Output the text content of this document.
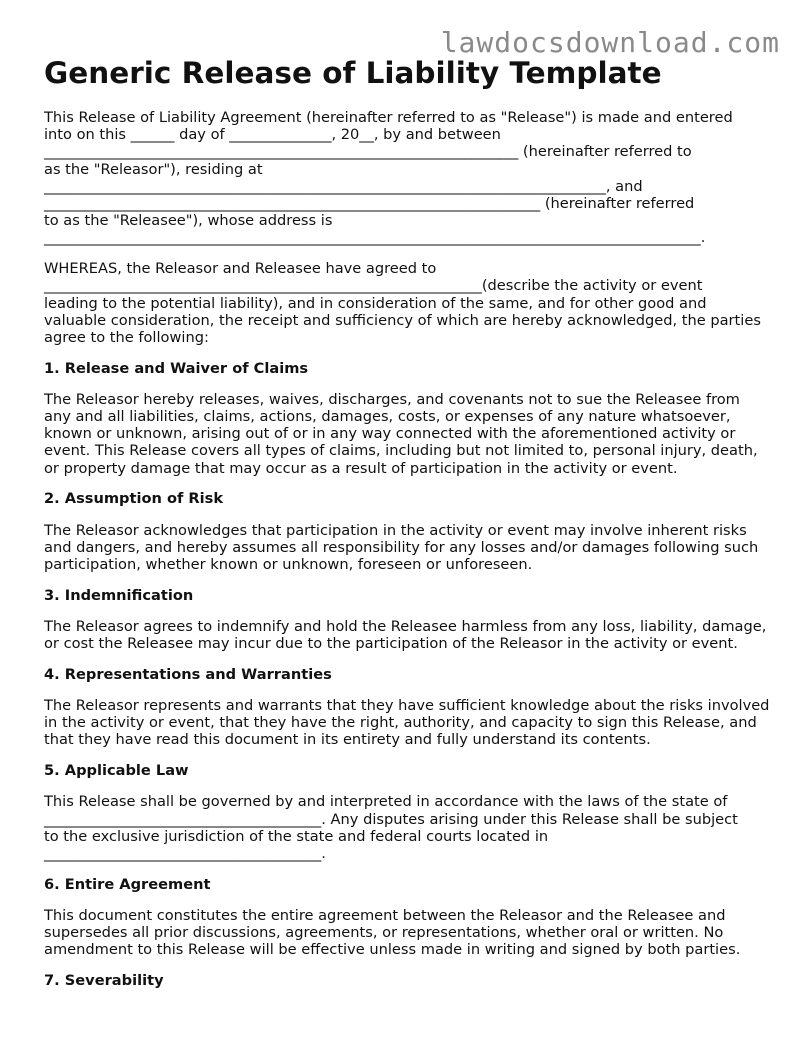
lawdocsdownload.com
Generic Release of Liability Template

This Release of Liability Agreement (hereinafter referred to as "Release") is made and entered
into on this ______ day of ______________, 20__, by and between
_________________________________________________________________ (hereinafter referred to
as the "Releasor"), residing at
_____________________________________________________________________________, and
____________________________________________________________________ (hereinafter referred
to as the "Releasee"), whose address is
__________________________________________________________________________________________.

WHEREAS, the Releasor and Releasee have agreed to
____________________________________________________________(describe the activity or event
leading to the potential liability), and in consideration of the same, and for other good and
valuable consideration, the receipt and sufficiency of which are hereby acknowledged, the parties
agree to the following:

1. Release and Waiver of Claims

The Releasor hereby releases, waives, discharges, and covenants not to sue the Releasee from
any and all liabilities, claims, actions, damages, costs, or expenses of any nature whatsoever,
known or unknown, arising out of or in any way connected with the aforementioned activity or
event. This Release covers all types of claims, including but not limited to, personal injury, death,
or property damage that may occur as a result of participation in the activity or event.

2. Assumption of Risk

The Releasor acknowledges that participation in the activity or event may involve inherent risks
and dangers, and hereby assumes all responsibility for any losses and/or damages following such
participation, whether known or unknown, foreseen or unforeseen.

3. Indemnification

The Releasor agrees to indemnify and hold the Releasee harmless from any loss, liability, damage,
or cost the Releasee may incur due to the participation of the Releasor in the activity or event.

4. Representations and Warranties

The Releasor represents and warrants that they have sufficient knowledge about the risks involved
in the activity or event, that they have the right, authority, and capacity to sign this Release, and
that they have read this document in its entirety and fully understand its contents.

5. Applicable Law

This Release shall be governed by and interpreted in accordance with the laws of the state of
______________________________________. Any disputes arising under this Release shall be subject
to the exclusive jurisdiction of the state and federal courts located in
______________________________________.

6. Entire Agreement

This document constitutes the entire agreement between the Releasor and the Releasee and
supersedes all prior discussions, agreements, or representations, whether oral or written. No
amendment to this Release will be effective unless made in writing and signed by both parties.

7. Severability
